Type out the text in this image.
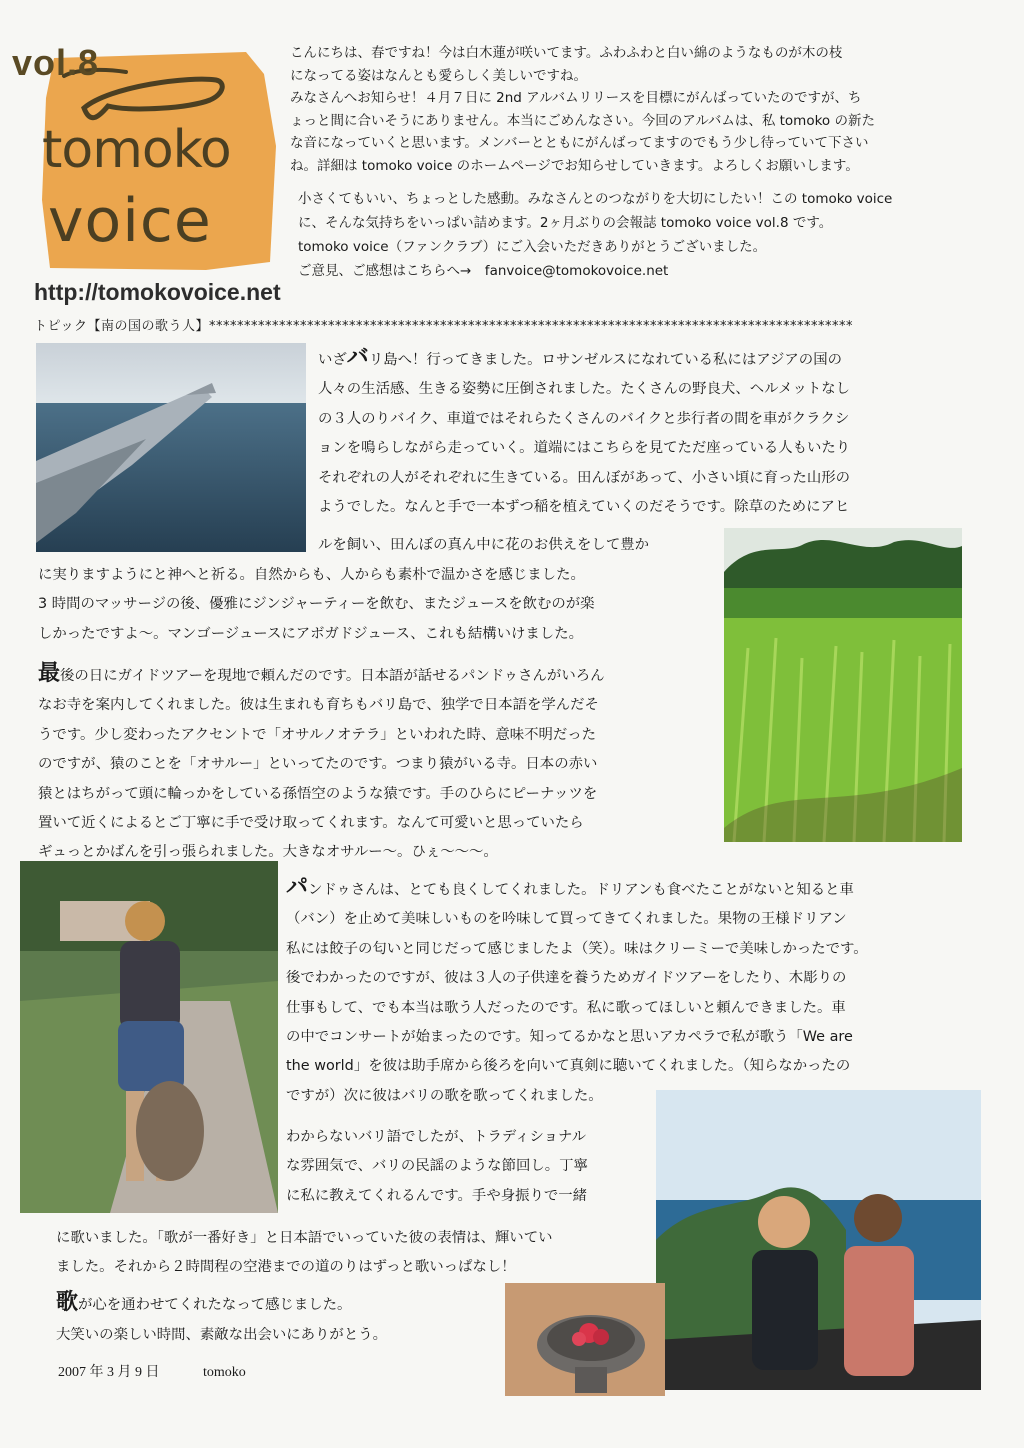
vol.8
tomoko
voice
http://tomokovoice.net

こんにちは、春ですね！今は白木蓮が咲いてます。ふわふわと白い綿のようなものが木の枝
になってる姿はなんとも愛らしく美しいですね。
みなさんへお知らせ！４月７日に 2nd アルバムリリースを目標にがんばっていたのですが、ち
ょっと間に合いそうにありません。本当にごめんなさい。今回のアルバムは、私 tomoko の新た
な音になっていくと思います。メンバーとともにがんばってますのでもう少し待っていて下さい
ね。詳細は tomoko voice のホームページでお知らせしていきます。よろしくお願いします。

小さくてもいい、ちょっとした感動。みなさんとのつながりを大切にしたい！この tomoko voice
に、そんな気持ちをいっぱい詰めます。2ヶ月ぶりの会報誌 tomoko voice vol.8 です。
tomoko voice（ファンクラブ）にご入会いただきありがとうございました。
ご意見、ご感想はこちらへ→　fanvoice@tomokovoice.net

トピック【南の国の歌う人】********************************************************************************************

いざバリ島へ！行ってきました。ロサンゼルスになれている私にはアジアの国の
人々の生活感、生きる姿勢に圧倒されました。たくさんの野良犬、ヘルメットなし
の３人のりバイク、車道ではそれらたくさんのバイクと歩行者の間を車がクラクシ
ョンを鳴らしながら走っていく。道端にはこちらを見てただ座っている人もいたり
それぞれの人がそれぞれに生きている。田んぼがあって、小さい頃に育った山形の
ようでした。なんと手で一本ずつ稲を植えていくのだそうです。除草のためにアヒ

ルを飼い、田んぼの真ん中に花のお供えをして豊か

に実りますようにと神へと祈る。自然からも、人からも素朴で温かさを感じました。
3 時間のマッサージの後、優雅にジンジャーティーを飲む、またジュースを飲むのが楽
しかったですよ〜。マンゴージュースにアボガドジュース、これも結構いけました。

最後の日にガイドツアーを現地で頼んだのです。日本語が話せるパンドゥさんがいろん
なお寺を案内してくれました。彼は生まれも育ちもバリ島で、独学で日本語を学んだそ
うです。少し変わったアクセントで「オサルノオテラ」といわれた時、意味不明だった
のですが、猿のことを「オサルー」といってたのです。つまり猿がいる寺。日本の赤い
猿とはちがって頭に輪っかをしている孫悟空のような猿です。手のひらにピーナッツを
置いて近くによるとご丁寧に手で受け取ってくれます。なんて可愛いと思っていたら
ギュっとかばんを引っ張られました。大きなオサルー〜。ひぇ〜〜〜。

パンドゥさんは、とても良くしてくれました。ドリアンも食べたことがないと知ると車
（バン）を止めて美味しいものを吟味して買ってきてくれました。果物の王様ドリアン
私には餃子の匂いと同じだって感じましたよ（笑）。味はクリーミーで美味しかったです。
後でわかったのですが、彼は３人の子供達を養うためガイドツアーをしたり、木彫りの
仕事もして、でも本当は歌う人だったのです。私に歌ってほしいと頼んできました。車
の中でコンサートが始まったのです。知ってるかなと思いアカペラで私が歌う「We are
the world」を彼は助手席から後ろを向いて真剣に聴いてくれました。（知らなかったの
ですが）次に彼はバリの歌を歌ってくれました。

わからないバリ語でしたが、トラディショナル
な雰囲気で、バリの民謡のような節回し。丁寧
に私に教えてくれるんです。手や身振りで一緒

に歌いました。「歌が一番好き」と日本語でいっていた彼の表情は、輝いてい
ました。それから２時間程の空港までの道のりはずっと歌いっぱなし！

歌が心を通わせてくれたなって感じました。

大笑いの楽しい時間、素敵な出会いにありがとう。

2007 年 3 月 9 日	tomoko
